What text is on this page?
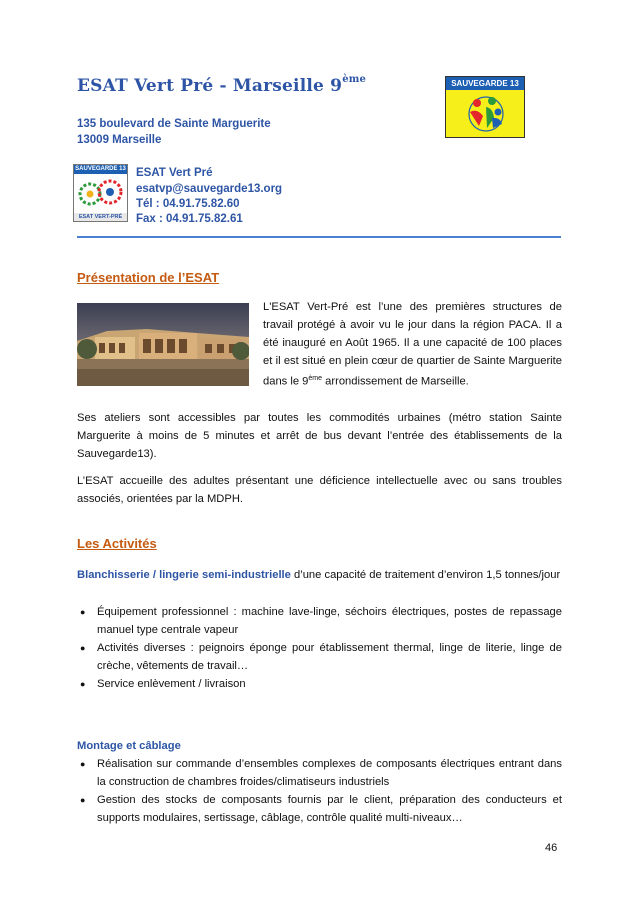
ESAT Vert Pré - Marseille 9ème	SAUVEGARDE 13
135 boulevard de Sainte Marguerite
13009 Marseille
SAUVEGARDE 13
ESAT VERT-PRÉ
ESAT Vert Pré
esatvp@sauvegarde13.org
Tél : 04.91.75.82.60
Fax : 04.91.75.82.61
Présentation de l’ESAT
L'ESAT Vert-Pré est l’une des premières structures de travail protégé à avoir vu le jour dans la région PACA. Il a été inauguré en Août 1965. Il a une capacité de 100 places et il est situé en plein cœur de quartier de Sainte Marguerite dans le 9ème arrondissement de Marseille.
Ses ateliers sont accessibles par toutes les commodités urbaines (métro station Sainte Marguerite à moins de 5 minutes et arrêt de bus devant l’entrée des établissements de la Sauvegarde13).
L’ESAT accueille des adultes présentant une déficience intellectuelle avec ou sans troubles associés, orientées par la MDPH.
Les Activités
Blanchisserie / lingerie semi-industrielle d’une capacité de traitement d’environ 1,5 tonnes/jour
● Équipement professionnel : machine lave-linge, séchoirs électriques, postes de repassage manuel type centrale vapeur
● Activités diverses : peignoirs éponge pour établissement thermal, linge de literie, linge de crèche, vêtements de travail…
● Service enlèvement / livraison
Montage et câblage
● Réalisation sur commande d’ensembles complexes de composants électriques entrant dans la construction de chambres froides/climatiseurs industriels
● Gestion des stocks de composants fournis par le client, préparation des conducteurs et supports modulaires, sertissage, câblage, contrôle qualité multi-niveaux…
46
